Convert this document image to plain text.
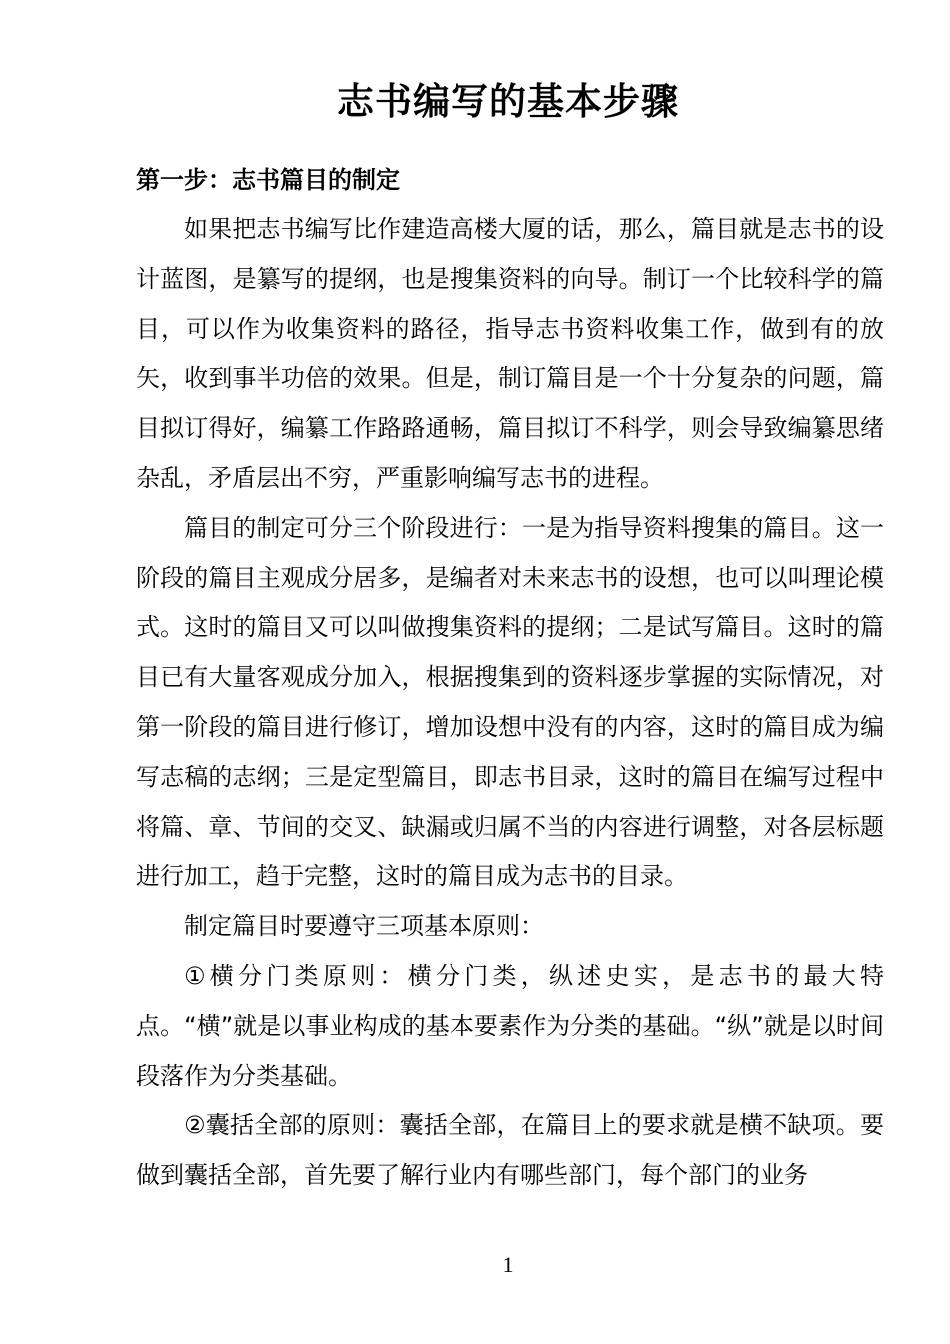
志书编写的基本步骤
第一步：志书篇目的制定

如果把志书编写比作建造高楼大厦的话，那么，篇目就是志书的设计蓝图，是纂写的提纲，也是搜集资料的向导。制订一个比较科学的篇目，可以作为收集资料的路径，指导志书资料收集工作，做到有的放矢，收到事半功倍的效果。但是，制订篇目是一个十分复杂的问题，篇目拟订得好，编纂工作路路通畅，篇目拟订不科学，则会导致编纂思绪杂乱，矛盾层出不穷，严重影响编写志书的进程。

篇目的制定可分三个阶段进行：一是为指导资料搜集的篇目。这一阶段的篇目主观成分居多，是编者对未来志书的设想，也可以叫理论模式。这时的篇目又可以叫做搜集资料的提纲；二是试写篇目。这时的篇目已有大量客观成分加入，根据搜集到的资料逐步掌握的实际情况，对第一阶段的篇目进行修订，增加设想中没有的内容，这时的篇目成为编写志稿的志纲；三是定型篇目，即志书目录，这时的篇目在编写过程中将篇、章、节间的交叉、缺漏或归属不当的内容进行调整，对各层标题进行加工，趋于完整，这时的篇目成为志书的目录。

制定篇目时要遵守三项基本原则：

①横分门类原则：横分门类，纵述史实，是志书的最大特点。“横”就是以事业构成的基本要素作为分类的基础。“纵”就是以时间段落作为分类基础。

②囊括全部的原则：囊括全部，在篇目上的要求就是横不缺项。要做到囊括全部，首先要了解行业内有哪些部门，每个部门的业务

1
